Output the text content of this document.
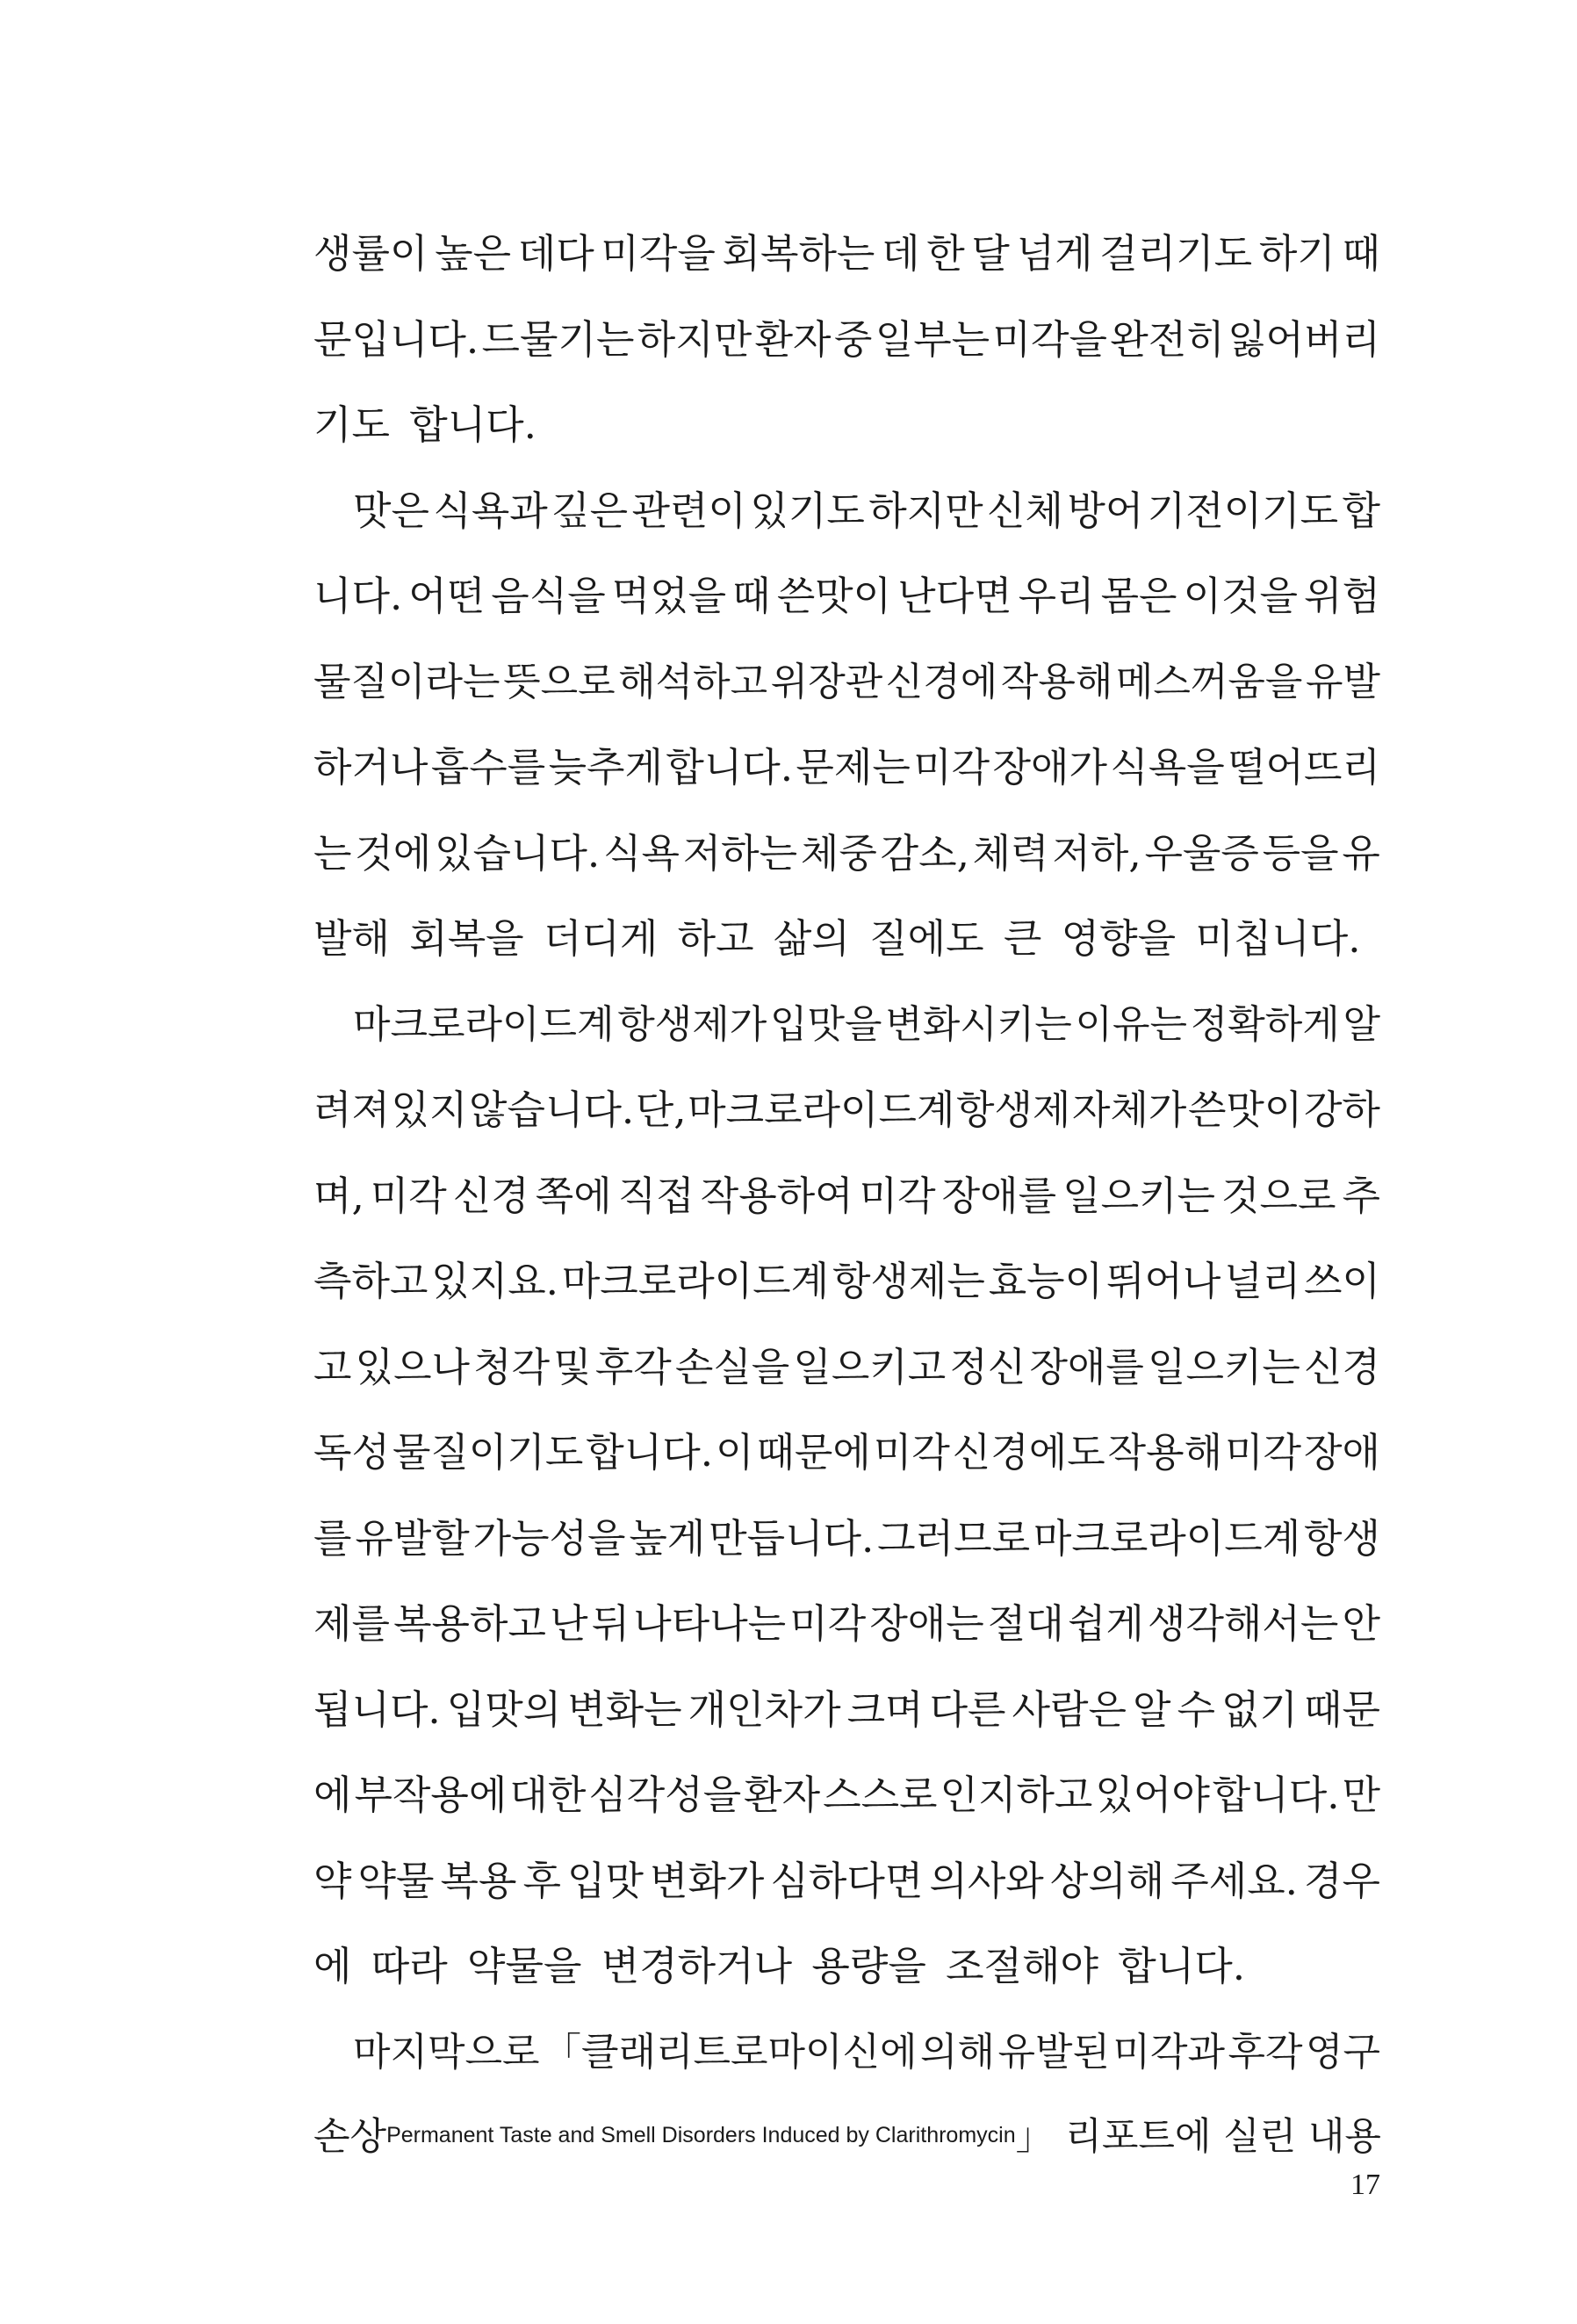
생률이 높은 데다 미각을 회복하는 데 한 달 넘게 걸리기도 하기 때
문입니다. 드물기는 하지만 환자 중 일부는 미각을 완전히 잃어버리
기도 합니다.
맛은 식욕과 깊은 관련이 있기도 하지만 신체 방어 기전이기도 합
니다. 어떤 음식을 먹었을 때 쓴맛이 난다면 우리 몸은 이것을 위험
물질이라는 뜻으로 해석하고 위장관 신경에 작용해 메스꺼움을 유발
하거나 흡수를 늦추게 합니다. 문제는 미각 장애가 식욕을 떨어뜨리
는 것에 있습니다. 식욕 저하는 체중 감소, 체력 저하, 우울증 등을 유
발해 회복을 더디게 하고 삶의 질에도 큰 영향을 미칩니다.
마크로라이드계 항생제가 입맛을 변화시키는 이유는 정확하게 알
려져 있지 않습니다. 단, 마크로라이드계 항생제 자체가 쓴맛이 강하
며, 미각 신경 쪽에 직접 작용하여 미각 장애를 일으키는 것으로 추
측하고 있지요. 마크로라이드계 항생제는 효능이 뛰어나 널리 쓰이
고 있으나 청각 및 후각 손실을 일으키고 정신 장애를 일으키는 신경
독성 물질이기도 합니다. 이 때문에 미각 신경에도 작용해 미각 장애
를 유발할 가능성을 높게 만듭니다. 그러므로 마크로라이드계 항생
제를 복용하고 난 뒤 나타나는 미각 장애는 절대 쉽게 생각해서는 안
됩니다. 입맛의 변화는 개인차가 크며 다른 사람은 알 수 없기 때문
에 부작용에 대한 심각성을 환자 스스로 인지하고 있어야 합니다. 만
약 약물 복용 후 입맛 변화가 심하다면 의사와 상의해 주세요. 경우
에 따라 약물을 변경하거나 용량을 조절해야 합니다.
마지막으로 「클래리트로마이신에 의해 유발된 미각과 후각 영구
손상Permanent Taste and Smell Disorders Induced by Clarithromycin 」 리포트에 실린 내용
17
